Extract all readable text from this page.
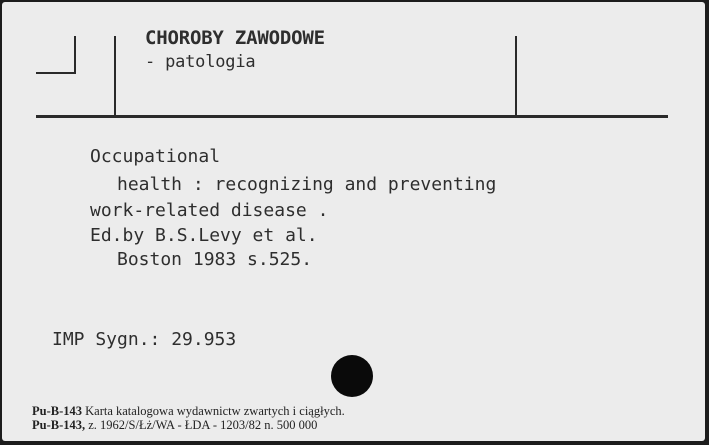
CHOROBY ZAWODOWE
- patologia
Occupational
health : recognizing and preventing
work-related disease .
Ed.by B.S.Levy et al.
Boston 1983 s.525.
IMP Sygn.: 29.953
Pu-B-143 Karta katalogowa wydawnictw zwartych i ciągłych.
Pu-B-143, z. 1962/S/Łż/WA - ŁDA - 1203/82 n. 500 000
